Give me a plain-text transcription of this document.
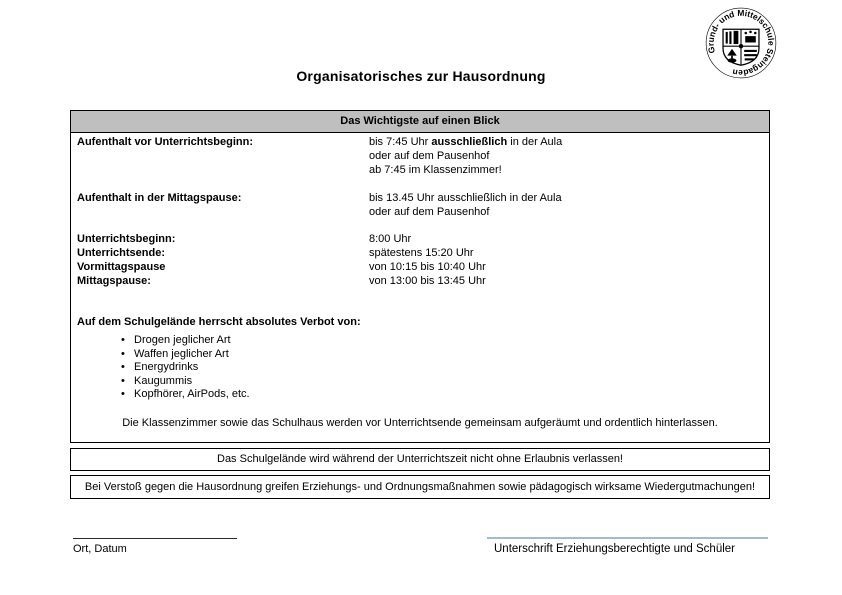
Organisatorisches zur Hausordnung
Grund- und Mittelschule Steingaden
Das Wichtigste auf einen Blick
Aufenthalt vor Unterrichtsbeginn:	bis 7:45 Uhr ausschließlich in der Aula
oder auf dem Pausenhof
ab 7:45 im Klassenzimmer!
Aufenthalt in der Mittagspause:	bis 13.45 Uhr ausschließlich in der Aula
oder auf dem Pausenhof
Unterrichtsbeginn:	8:00 Uhr
Unterrichtsende:	spätestens 15:20 Uhr
Vormittagspause	von 10:15 bis 10:40 Uhr
Mittagspause:	von 13:00 bis 13:45 Uhr
Auf dem Schulgelände herrscht absolutes Verbot von:
• Drogen jeglicher Art
• Waffen jeglicher Art
• Energydrinks
• Kaugummis
• Kopfhörer, AirPods, etc.
Die Klassenzimmer sowie das Schulhaus werden vor Unterrichtsende gemeinsam aufgeräumt und ordentlich hinterlassen.
Das Schulgelände wird während der Unterrichtszeit nicht ohne Erlaubnis verlassen!
Bei Verstoß gegen die Hausordnung greifen Erziehungs- und Ordnungsmaßnahmen sowie pädagogisch wirksame Wiedergutmachungen!
Ort, Datum	Unterschrift Erziehungsberechtigte und Schüler
